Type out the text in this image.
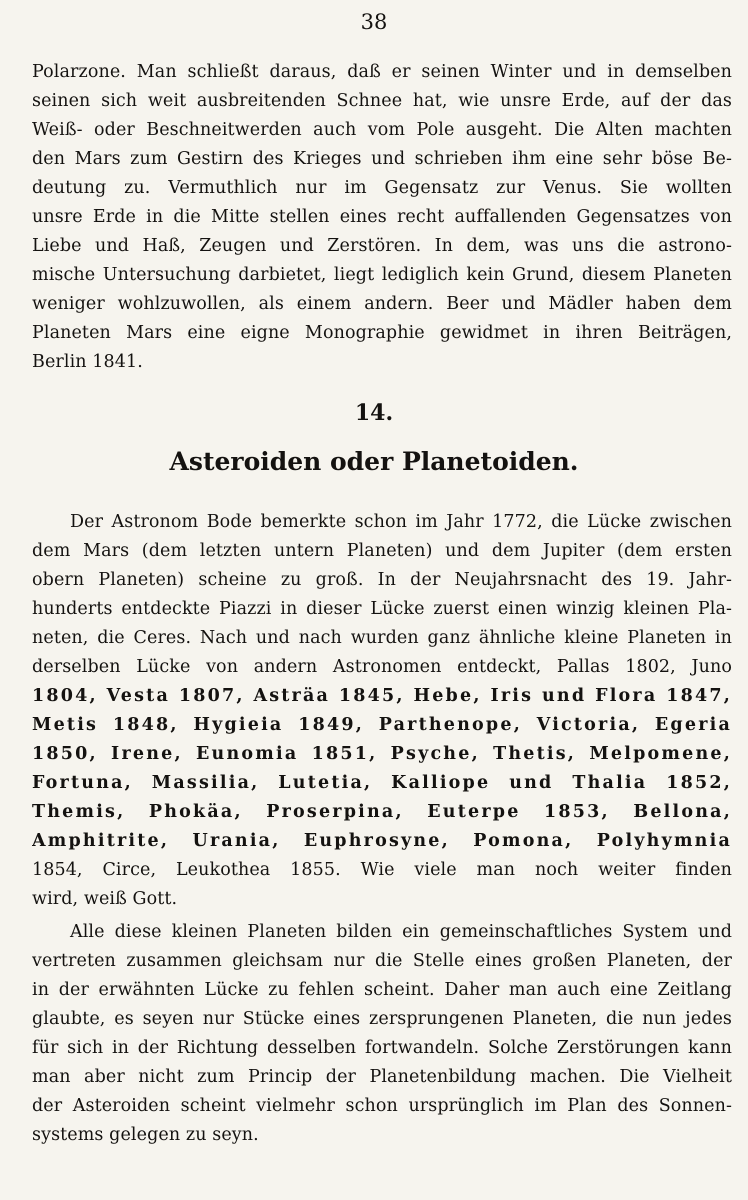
38
Polarzone. Man schließt daraus, daß er seinen Winter und in demselben
seinen sich weit ausbreitenden Schnee hat, wie unsre Erde, auf der das
Weiß- oder Beschneitwerden auch vom Pole ausgeht. Die Alten machten
den Mars zum Gestirn des Krieges und schrieben ihm eine sehr böse Be-
deutung zu. Vermuthlich nur im Gegensatz zur Venus. Sie wollten
unsre Erde in die Mitte stellen eines recht auffallenden Gegensatzes von
Liebe und Haß, Zeugen und Zerstören. In dem, was uns die astrono-
mische Untersuchung darbietet, liegt lediglich kein Grund, diesem Planeten
weniger wohlzuwollen, als einem andern. Beer und Mädler haben dem
Planeten Mars eine eigne Monographie gewidmet in ihren Beiträgen,
Berlin 1841.
14.
Asteroiden oder Planetoiden.
Der Astronom Bode bemerkte schon im Jahr 1772, die Lücke zwischen
dem Mars (dem letzten untern Planeten) und dem Jupiter (dem ersten
obern Planeten) scheine zu groß. In der Neujahrsnacht des 19. Jahr-
hunderts entdeckte Piazzi in dieser Lücke zuerst einen winzig kleinen Pla-
neten, die Ceres. Nach und nach wurden ganz ähnliche kleine Planeten in
derselben Lücke von andern Astronomen entdeckt, Pallas 1802, Juno
1804, Vesta 1807, Asträa 1845, Hebe, Iris und Flora 1847,
Metis 1848, Hygieia 1849, Parthenope, Victoria, Egeria
1850, Irene, Eunomia 1851, Psyche, Thetis, Melpomene,
Fortuna, Massilia, Lutetia, Kalliope und Thalia 1852,
Themis, Phokäa, Proserpina, Euterpe 1853, Bellona,
Amphitrite, Urania, Euphrosyne, Pomona, Polyhymnia
1854, Circe, Leukothea 1855. Wie viele man noch weiter finden
wird, weiß Gott.
Alle diese kleinen Planeten bilden ein gemeinschaftliches System und
vertreten zusammen gleichsam nur die Stelle eines großen Planeten, der
in der erwähnten Lücke zu fehlen scheint. Daher man auch eine Zeitlang
glaubte, es seyen nur Stücke eines zersprungenen Planeten, die nun jedes
für sich in der Richtung desselben fortwandeln. Solche Zerstörungen kann
man aber nicht zum Princip der Planetenbildung machen. Die Vielheit
der Asteroiden scheint vielmehr schon ursprünglich im Plan des Sonnen-
systems gelegen zu seyn.
